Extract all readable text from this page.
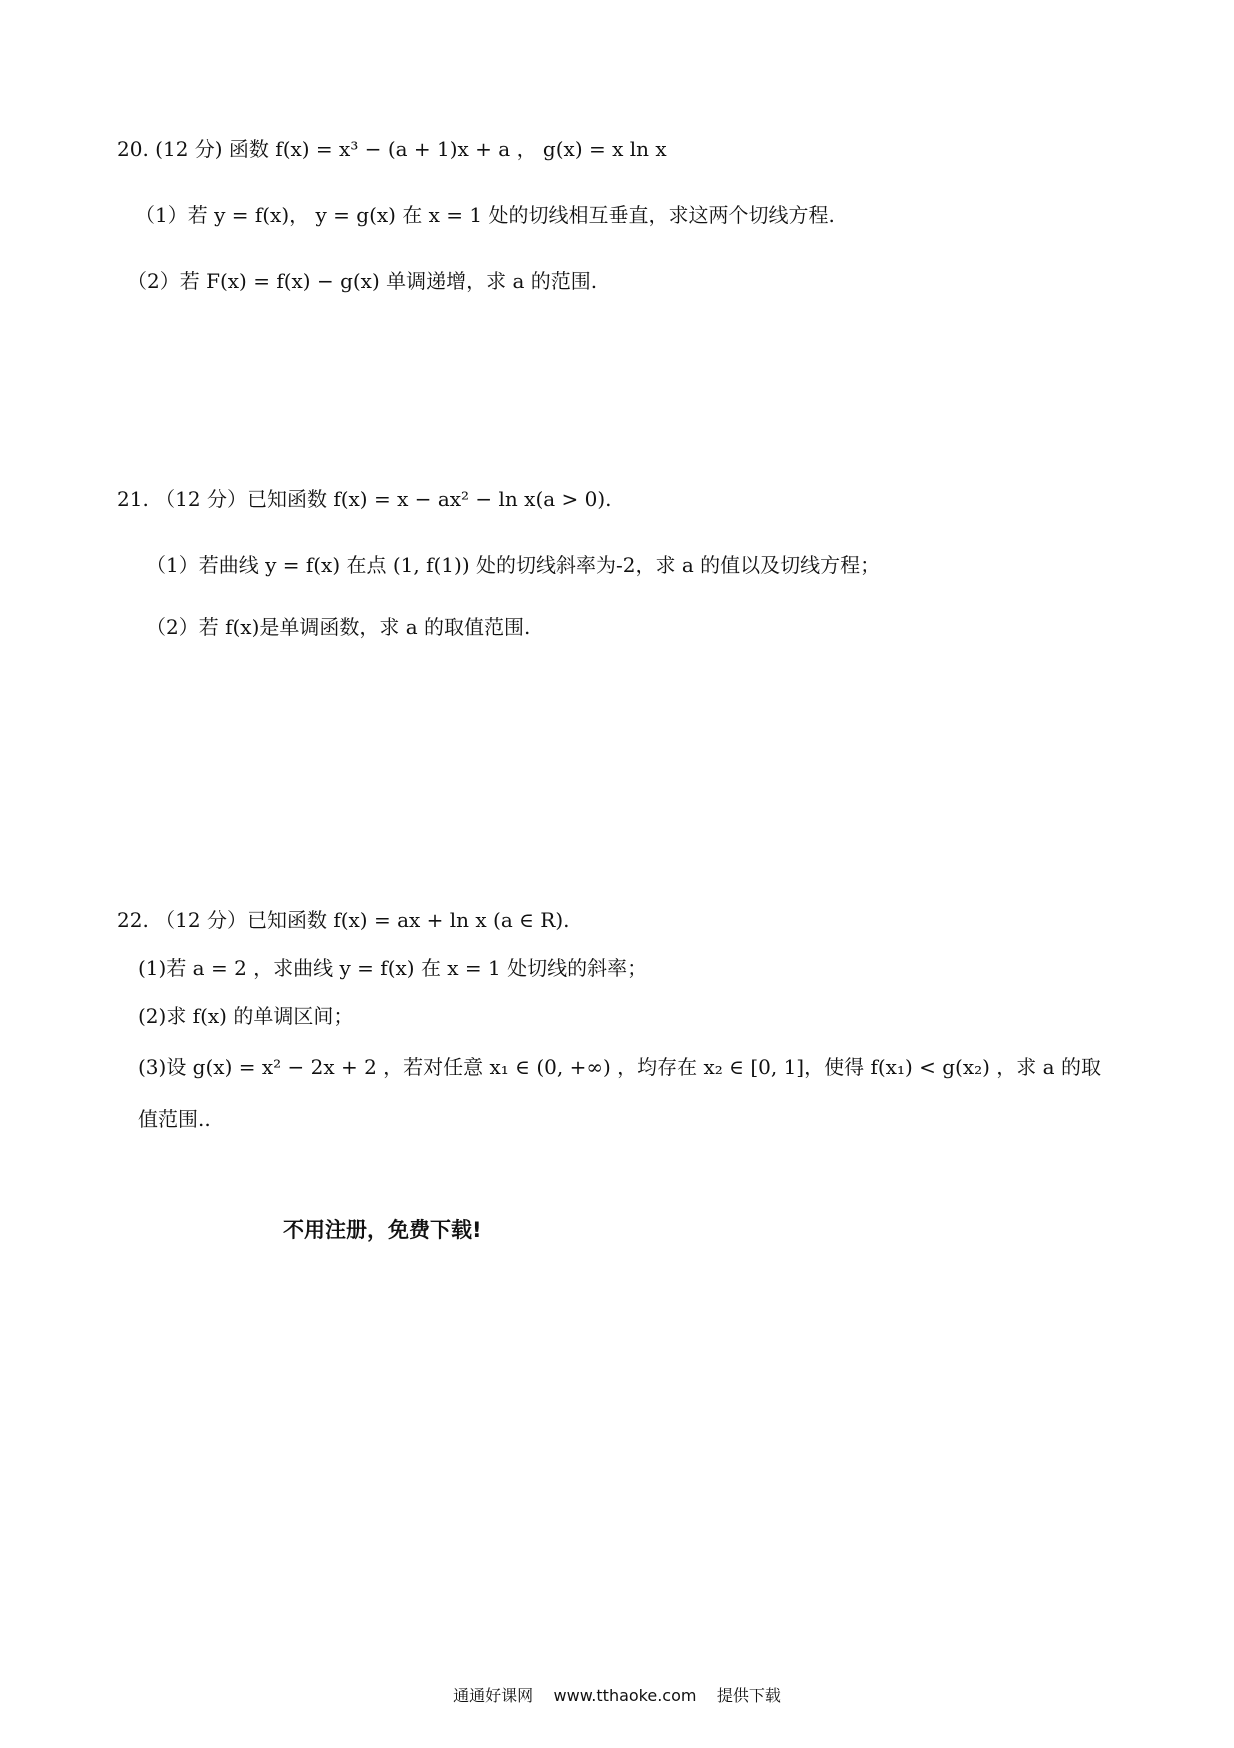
20. (12 分) 函数 f(x) = x³ − (a + 1)x + a ， g(x) = x ln x
（1）若 y = f(x)， y = g(x) 在 x = 1 处的切线相互垂直，求这两个切线方程.
（2）若 F(x) = f(x) − g(x) 单调递增，求 a 的范围.
21. （12 分）已知函数 f(x) = x − ax² − ln x(a > 0).
（1）若曲线 y = f(x) 在点 (1, f(1)) 处的切线斜率为-2，求 a 的值以及切线方程；
（2）若 f(x)是单调函数，求 a 的取值范围.
22. （12 分）已知函数 f(x) = ax + ln x (a ∈ R).
(1)若 a = 2 ，求曲线 y = f(x) 在 x = 1 处切线的斜率；
(2)求 f(x) 的单调区间；
(3)设 g(x) = x² − 2x + 2 ，若对任意 x₁ ∈ (0, +∞) ，均存在 x₂ ∈ [0, 1]，使得 f(x₁) < g(x₂) ，求 a 的取
值范围..
不用注册，免费下载!
通通好课网 www.tthaoke.com 提供下载
